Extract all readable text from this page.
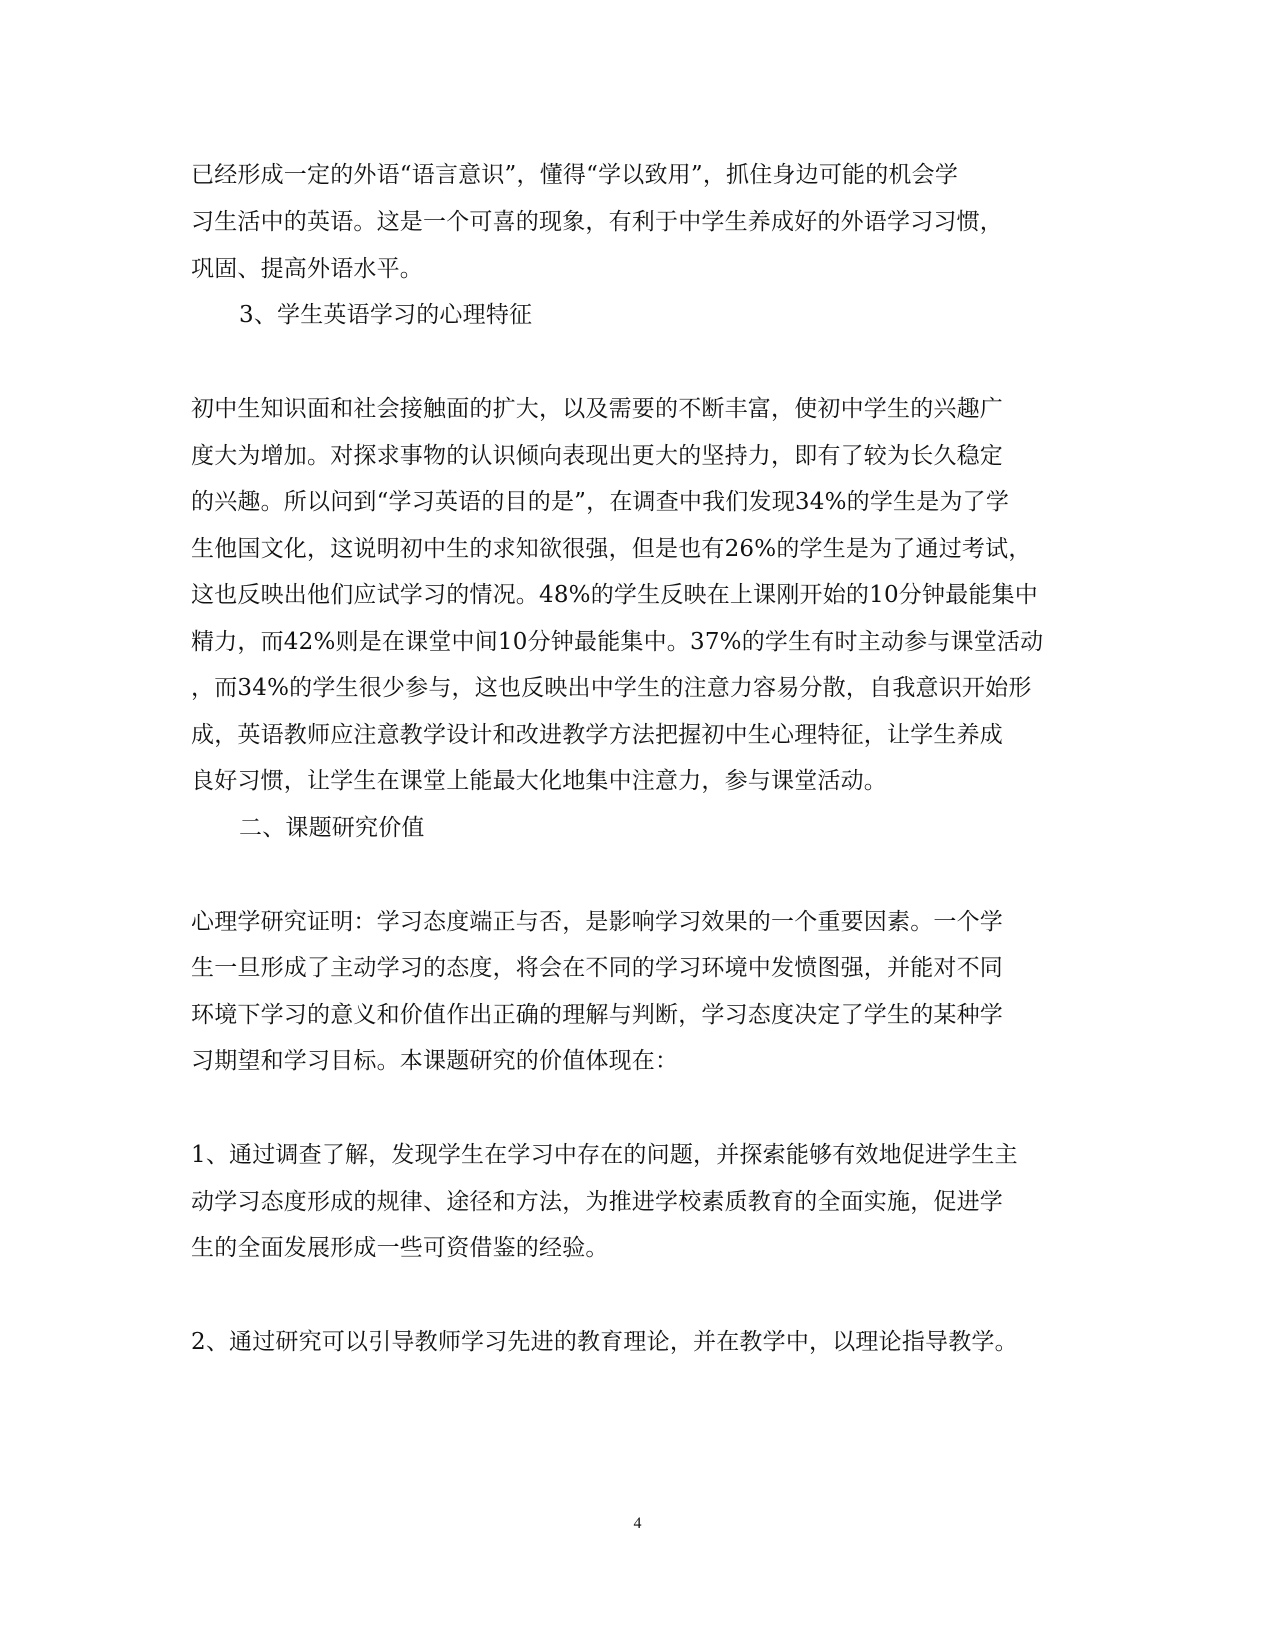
已经形成一定的外语“语言意识”，懂得“学以致用”，抓住身边可能的机会学
习生活中的英语。这是一个可喜的现象，有利于中学生养成好的外语学习习惯，
巩固、提高外语水平。
3、学生英语学习的心理特征
初中生知识面和社会接触面的扩大，以及需要的不断丰富，使初中学生的兴趣广
度大为增加。对探求事物的认识倾向表现出更大的坚持力，即有了较为长久稳定
的兴趣。所以问到“学习英语的目的是”，在调查中我们发现34%的学生是为了学
生他国文化，这说明初中生的求知欲很强，但是也有26%的学生是为了通过考试，
这也反映出他们应试学习的情况。48%的学生反映在上课刚开始的10分钟最能集中
精力，而42%则是在课堂中间10分钟最能集中。37%的学生有时主动参与课堂活动
，而34%的学生很少参与，这也反映出中学生的注意力容易分散，自我意识开始形
成，英语教师应注意教学设计和改进教学方法把握初中生心理特征，让学生养成
良好习惯，让学生在课堂上能最大化地集中注意力，参与课堂活动。
二、课题研究价值
心理学研究证明：学习态度端正与否，是影响学习效果的一个重要因素。一个学
生一旦形成了主动学习的态度，将会在不同的学习环境中发愤图强，并能对不同
环境下学习的意义和价值作出正确的理解与判断，学习态度决定了学生的某种学
习期望和学习目标。本课题研究的价值体现在：
1、通过调查了解，发现学生在学习中存在的问题，并探索能够有效地促进学生主
动学习态度形成的规律、途径和方法，为推进学校素质教育的全面实施，促进学
生的全面发展形成一些可资借鉴的经验。
2、通过研究可以引导教师学习先进的教育理论，并在教学中，以理论指导教学。
4
